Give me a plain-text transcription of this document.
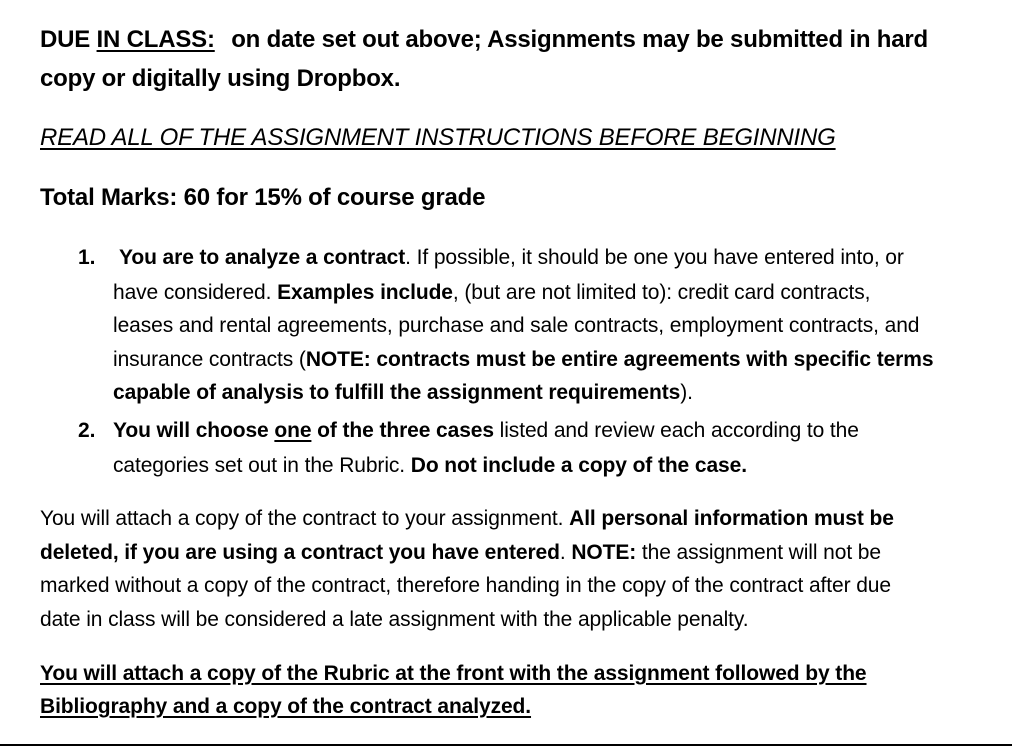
DUE IN CLASS: on date set out above; Assignments may be submitted in hard
copy or digitally using Dropbox.
READ ALL OF THE ASSIGNMENT INSTRUCTIONS BEFORE BEGINNING
Total Marks: 60 for 15% of course grade
1. You are to analyze a contract. If possible, it should be one you have entered into, or
have considered. Examples include, (but are not limited to): credit card contracts,
leases and rental agreements, purchase and sale contracts, employment contracts, and
insurance contracts (NOTE: contracts must be entire agreements with specific terms
capable of analysis to fulfill the assignment requirements).
2. You will choose one of the three cases listed and review each according to the
categories set out in the Rubric. Do not include a copy of the case.
You will attach a copy of the contract to your assignment. All personal information must be
deleted, if you are using a contract you have entered. NOTE: the assignment will not be
marked without a copy of the contract, therefore handing in the copy of the contract after due
date in class will be considered a late assignment with the applicable penalty.
You will attach a copy of the Rubric at the front with the assignment followed by the
Bibliography and a copy of the contract analyzed.
